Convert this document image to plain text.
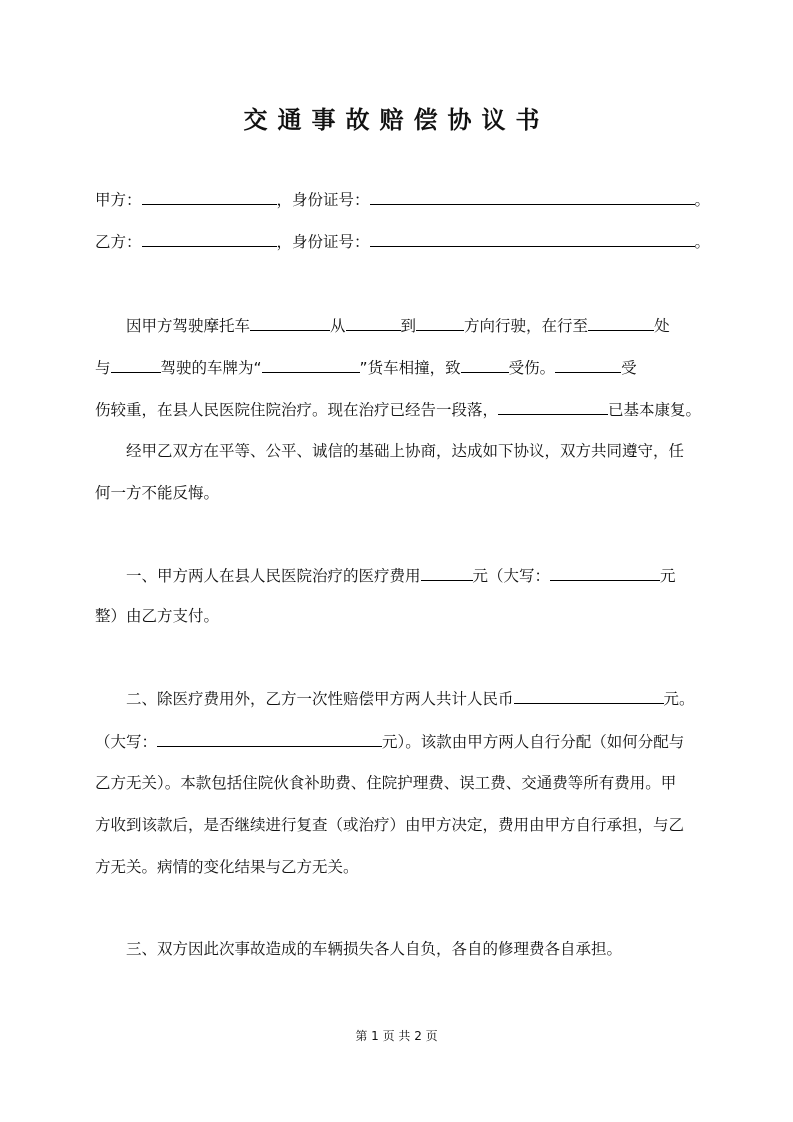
交通事故赔偿协议书
甲方：	，身份证号：	。
乙方：	，身份证号：	。
因甲方驾驶摩托车	从	到	方向行驶，在行至	处
与	驾驶的车牌为“	”货车相撞，致	受伤。	受
伤较重，在县人民医院住院治疗。现在治疗已经告一段落，	已基本康复。
经甲乙双方在平等、公平、诚信的基础上协商，达成如下协议，双方共同遵守，任
何一方不能反悔。
一、甲方两人在县人民医院治疗的医疗费用	元（大写：	元
整）由乙方支付。
二、除医疗费用外，乙方一次性赔偿甲方两人共计人民币	元。
（大写：	元）。该款由甲方两人自行分配（如何分配与
乙方无关）。本款包括住院伙食补助费、住院护理费、误工费、交通费等所有费用。甲
方收到该款后，是否继续进行复查（或治疗）由甲方决定，费用由甲方自行承担，与乙
方无关。病情的变化结果与乙方无关。
三、双方因此次事故造成的车辆损失各人自负，各自的修理费各自承担。
第 1 页 共 2 页
